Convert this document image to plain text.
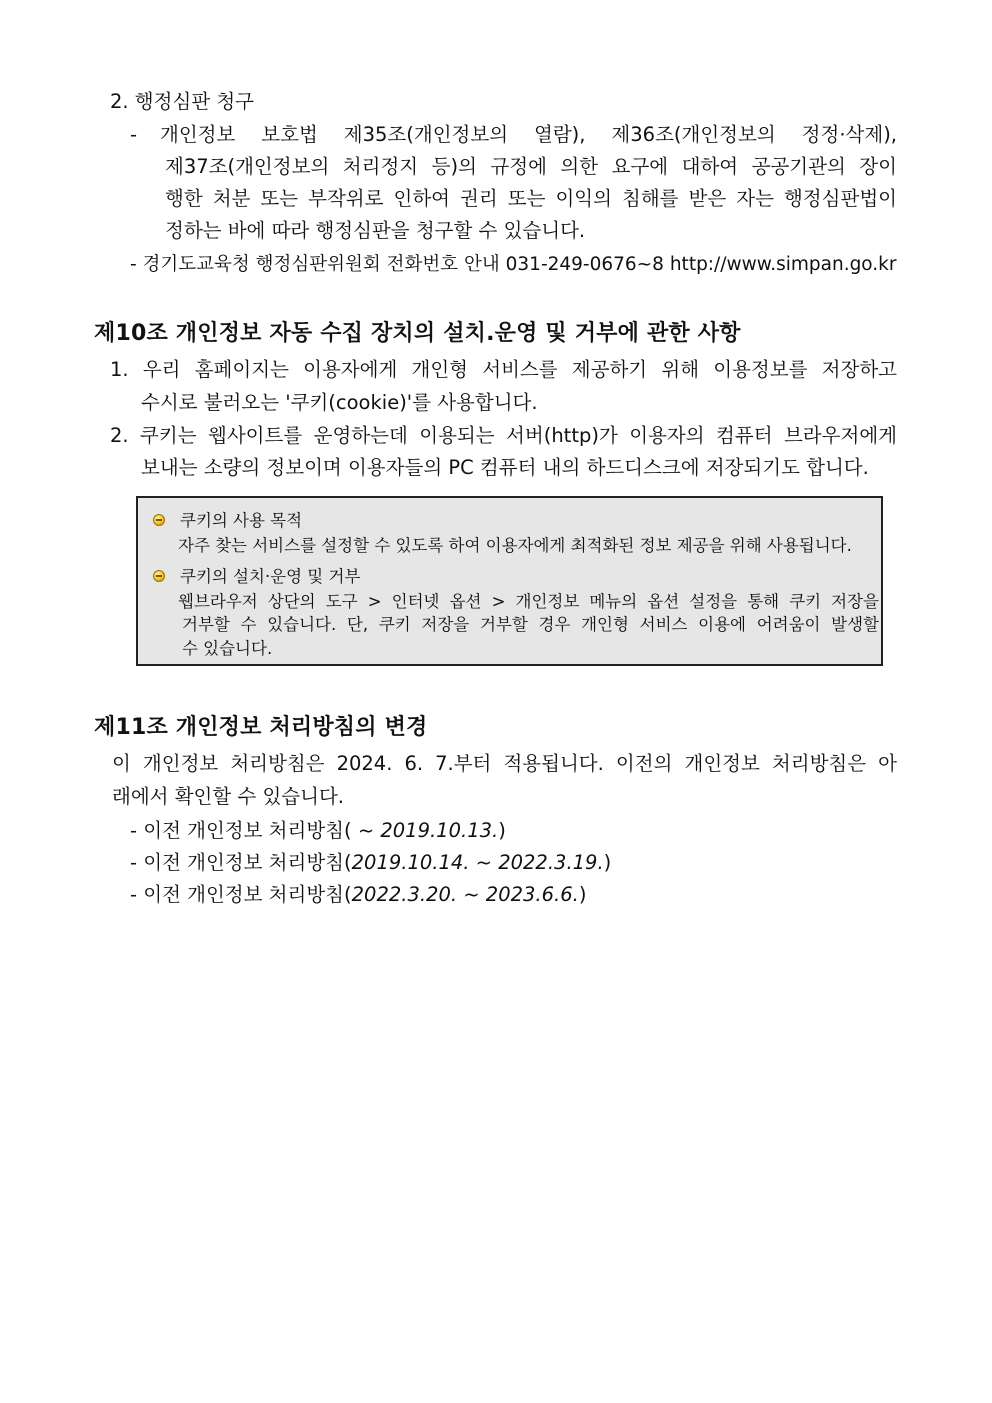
2. 행정심판 청구
- 개인정보 보호법 제35조(개인정보의 열람), 제36조(개인정보의 정정·삭제),
제37조(개인정보의 처리정지 등)의 규정에 의한 요구에 대하여 공공기관의 장이
행한 처분 또는 부작위로 인하여 권리 또는 이익의 침해를 받은 자는 행정심판법이
정하는 바에 따라 행정심판을 청구할 수 있습니다.
- 경기도교육청 행정심판위원회 전화번호 안내 031-249-0676~8 http://www.simpan.go.kr
제10조 개인정보 자동 수집 장치의 설치.운영 및 거부에 관한 사항
1. 우리 홈페이지는 이용자에게 개인형 서비스를 제공하기 위해 이용정보를 저장하고
수시로 불러오는 '쿠키(cookie)'를 사용합니다.
2. 쿠키는 웹사이트를 운영하는데 이용되는 서버(http)가 이용자의 컴퓨터 브라우저에게
보내는 소량의 정보이며 이용자들의 PC 컴퓨터 내의 하드디스크에 저장되기도 합니다.
쿠키의 사용 목적
자주 찾는 서비스를 설정할 수 있도록 하여 이용자에게 최적화된 정보 제공을 위해 사용됩니다.
쿠키의 설치·운영 및 거부
웹브라우저 상단의 도구 > 인터넷 옵션 > 개인정보 메뉴의 옵션 설정을 통해 쿠키 저장을
거부할 수 있습니다. 단, 쿠키 저장을 거부할 경우 개인형 서비스 이용에 어려움이 발생할
수 있습니다.
제11조 개인정보 처리방침의 변경
이 개인정보 처리방침은 2024. 6. 7.부터 적용됩니다. 이전의 개인정보 처리방침은 아
래에서 확인할 수 있습니다.
- 이전 개인정보 처리방침( ~ 2019.10.13.)
- 이전 개인정보 처리방침(2019.10.14. ~ 2022.3.19.)
- 이전 개인정보 처리방침(2022.3.20. ~ 2023.6.6.)
